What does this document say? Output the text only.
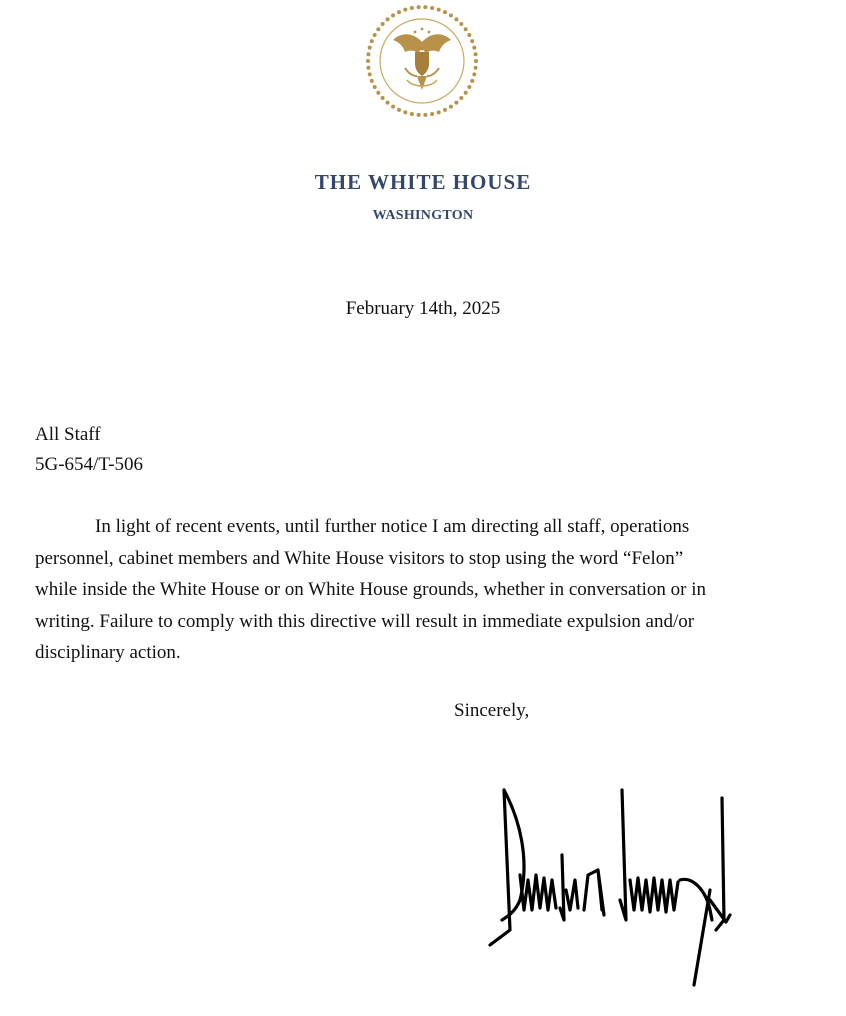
THE WHITE HOUSE
WASHINGTON
February 14th, 2025
All Staff
5G-654/T-506
In light of recent events, until further notice I am directing all staff, operations
personnel, cabinet members and White House visitors to stop using the word “Felon”
while inside the White House or on White House grounds, whether in conversation or in
writing. Failure to comply with this directive will result in immediate expulsion and/or
disciplinary action.
Sincerely,
